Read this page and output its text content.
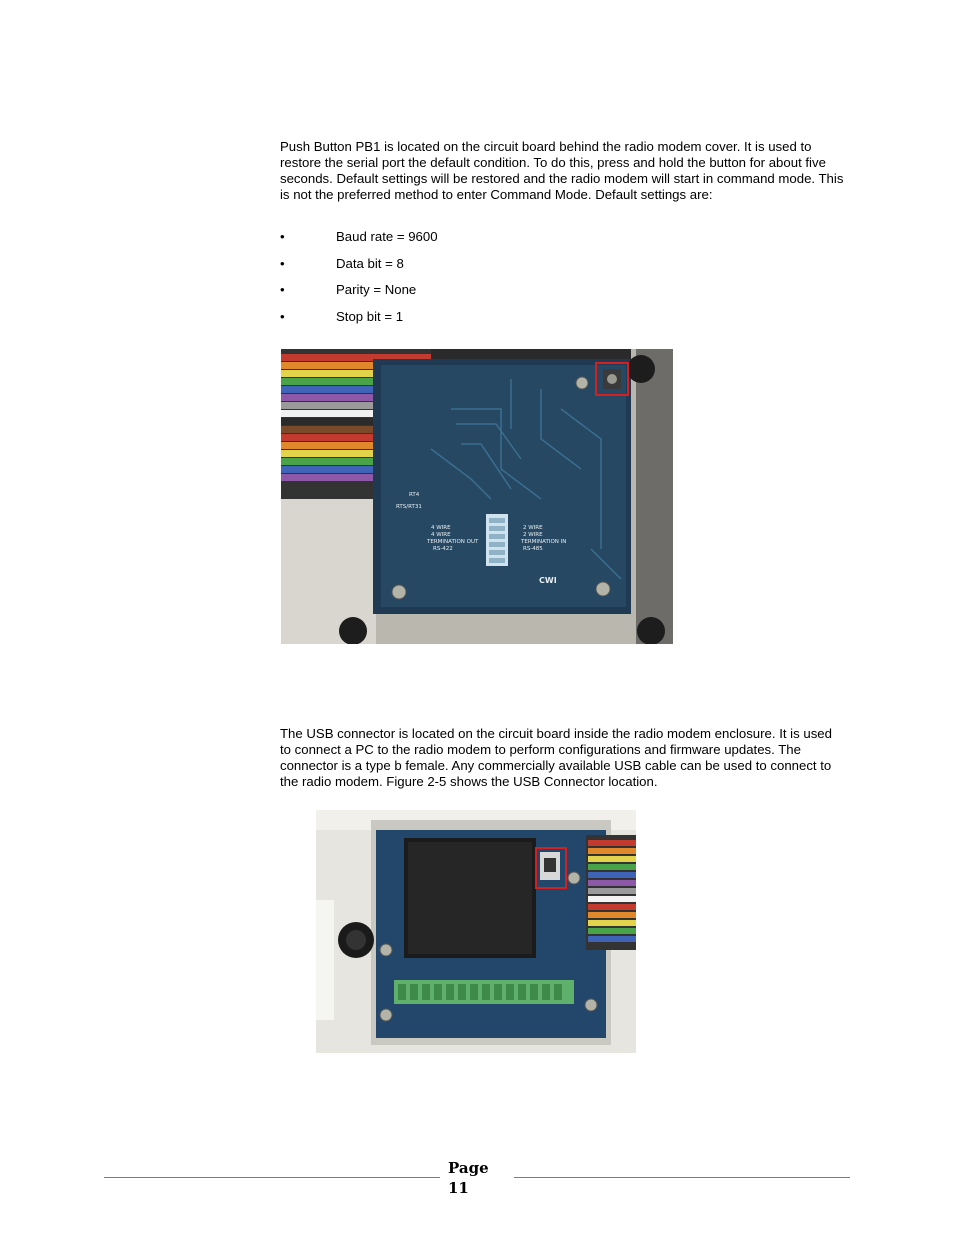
Push Button PB1 is located on the circuit board behind the radio modem cover. It is used to restore the serial port the default condition. To do this, press and hold the button for about five seconds. Default settings will be restored and the radio modem will start in command mode. This is not the preferred method to enter Command Mode. Default settings are:

•	Baud rate = 9600
•	Data bit = 8
•	Parity = None
•	Stop bit = 1
4 WIRE
4 WIRE
TERMINATION OUT
RS-422
2 WIRE
2 WIRE
TERMINATION IN
RS-485
RT4
RTS/RT31
CWI

The USB connector is located on the circuit board inside the radio modem enclosure. It is used to connect a PC to the radio modem to perform configurations and firmware updates. The connector is a type b female. Any commercially available USB cable can be used to connect to the radio modem. Figure 2-5 shows the USB Connector location.

Page
11
